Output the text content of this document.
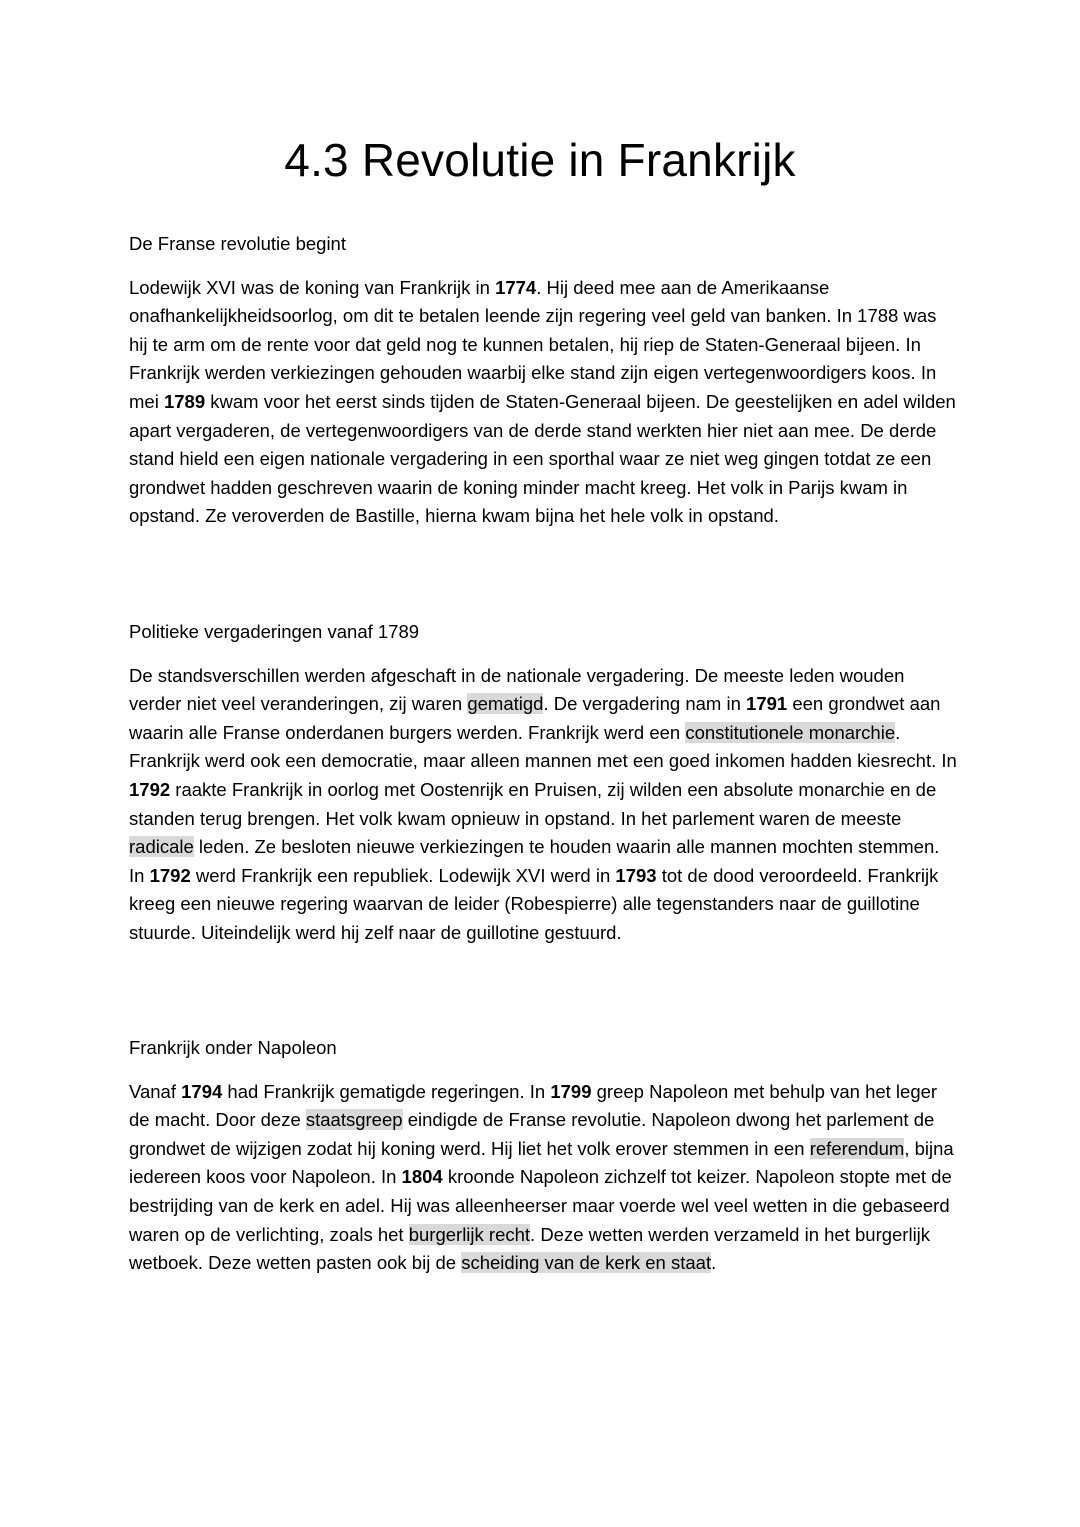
4.3 Revolutie in Frankrijk
De Franse revolutie begint

Lodewijk XVI was de koning van Frankrijk in 1774. Hij deed mee aan de Amerikaanse onafhankelijkheidsoorlog, om dit te betalen leende zijn regering veel geld van banken. In 1788 was hij te arm om de rente voor dat geld nog te kunnen betalen, hij riep de Staten-Generaal bijeen. In Frankrijk werden verkiezingen gehouden waarbij elke stand zijn eigen vertegenwoordigers koos. In mei 1789 kwam voor het eerst sinds tijden de Staten-Generaal bijeen. De geestelijken en adel wilden apart vergaderen, de vertegenwoordigers van de derde stand werkten hier niet aan mee. De derde stand hield een eigen nationale vergadering in een sporthal waar ze niet weg gingen totdat ze een grondwet hadden geschreven waarin de koning minder macht kreeg. Het volk in Parijs kwam in opstand. Ze veroverden de Bastille, hierna kwam bijna het hele volk in opstand.

Politieke vergaderingen vanaf 1789

De standsverschillen werden afgeschaft in de nationale vergadering. De meeste leden wouden verder niet veel veranderingen, zij waren gematigd. De vergadering nam in 1791 een grondwet aan waarin alle Franse onderdanen burgers werden. Frankrijk werd een constitutionele monarchie. Frankrijk werd ook een democratie, maar alleen mannen met een goed inkomen hadden kiesrecht. In 1792 raakte Frankrijk in oorlog met Oostenrijk en Pruisen, zij wilden een absolute monarchie en de standen terug brengen. Het volk kwam opnieuw in opstand. In het parlement waren de meeste radicale leden. Ze besloten nieuwe verkiezingen te houden waarin alle mannen mochten stemmen. In 1792 werd Frankrijk een republiek. Lodewijk XVI werd in 1793 tot de dood veroordeeld. Frankrijk kreeg een nieuwe regering waarvan de leider (Robespierre) alle tegenstanders naar de guillotine stuurde. Uiteindelijk werd hij zelf naar de guillotine gestuurd.

Frankrijk onder Napoleon

Vanaf 1794 had Frankrijk gematigde regeringen. In 1799 greep Napoleon met behulp van het leger de macht. Door deze staatsgreep eindigde de Franse revolutie. Napoleon dwong het parlement de grondwet de wijzigen zodat hij koning werd. Hij liet het volk erover stemmen in een referendum, bijna iedereen koos voor Napoleon. In 1804 kroonde Napoleon zichzelf tot keizer. Napoleon stopte met de bestrijding van de kerk en adel. Hij was alleenheerser maar voerde wel veel wetten in die gebaseerd waren op de verlichting, zoals het burgerlijk recht. Deze wetten werden verzameld in het burgerlijk wetboek. Deze wetten pasten ook bij de scheiding van de kerk en staat.
